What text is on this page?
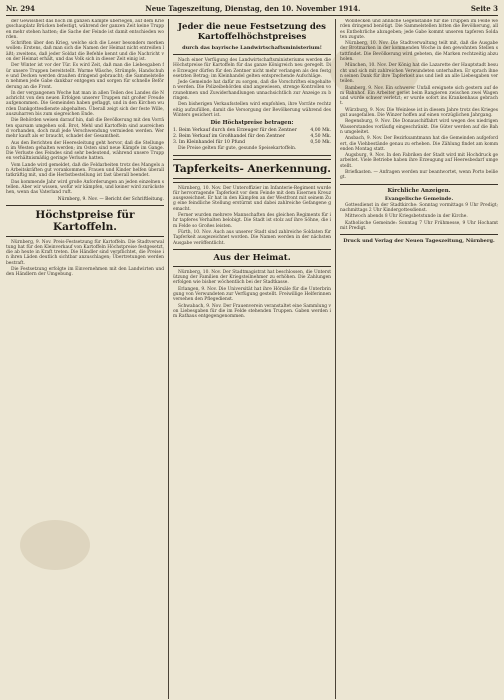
Nr. 294	Neue Tageszeitung, Dienstag, den 10. November 1914.	Seite 3

der Gewissheit das hoch im ganzen Kampfe überlegen, auf dem Kriegsschauplatz Brücken befestigt, während der ganzen Zeit keine Truppen mehr stehen hatten; die Sache der Feinde ist damit entschieden worden.

Schriften über den Krieg, welche sich die Leser besonders merken wollen: Erstens, daß man sich die Namen der Heimat nicht entreißen läßt; zweitens, daß jeder Soldat die Befehle kennt und die Nachricht von der Heimat erhält, und das Volk sich in dieser Zeit einig ist.

Der Winter ist vor der Tür. Es wird Zeit, daß man die Liebesgaben für unsere Truppen bereitstellt. Warme Wäsche, Strümpfe, Handschuhe und Decken werden draußen dringend gebraucht; die Sammelstellen nehmen jede Gabe dankbar entgegen und sorgen für schnelle Beförderung an die Front.

In der vergangenen Woche hat man in allen Teilen des Landes die Nachricht von den neuen Erfolgen unserer Truppen mit großer Freude aufgenommen. Die Gemeinden haben geflaggt, und in den Kirchen wurden Dankgottesdienste abgehalten. Überall zeigt sich der feste Wille, auszuharren bis zum siegreichen Ende.

Die Behörden weisen darauf hin, daß die Bevölkerung mit den Vorräten sparsam umgehen soll. Brot, Mehl und Kartoffeln sind ausreichend vorhanden, doch muß jede Verschwendung vermieden werden. Wer mehr kauft als er braucht, schadet der Gesamtheit.

Aus den Berichten der Heeresleitung geht hervor, daß die Stellungen im Westen gehalten werden; im Osten sind neue Kämpfe im Gange. Die Verluste des Feindes sind sehr bedeutend, während unsere Truppen verhältnismäßig geringe Verluste hatten.

Vom Lande wird gemeldet, daß die Feldarbeiten trotz des Mangels an Arbeitskräften gut vorankommen. Frauen und Kinder helfen überall tatkräftig mit, und die Herbstbestellung ist fast überall beendet.

Das kommende Jahr wird große Anforderungen an jeden einzelnen stellen. Aber wir wissen, wofür wir kämpfen, und keiner wird zurückstehen, wenn das Vaterland ruft.

Nürnberg, 9. Nov. — Bericht der Schriftleitung.
Höchstpreise für Kartoffeln.

Nürnberg, 9. Nov. Preis-Festsetzung für Kartoffeln. Die Stadtverwaltung hat für den Kleinverkauf von Kartoffeln Höchstpreise festgesetzt, die ab heute in Kraft treten. Die Händler sind verpflichtet, die Preise in ihren Läden deutlich sichtbar anzuschlagen; Übertretungen werden bestraft.

Die Festsetzung erfolgte im Einvernehmen mit den Landwirten und den Händlern der Umgebung.

Jeder die neue Festsetzung des Kartoffelhöchstpreises
durch das bayrische Landwirtschaftsministerium!

Nach einer Verfügung des Landwirtschaftsministeriums werden die Höchstpreise für Kartoffeln für das ganze Königreich neu geregelt. Die Erzeuger dürfen für den Zentner nicht mehr verlangen als den festgesetzten Betrag; im Kleinhandel gelten entsprechende Aufschläge.

Jede Gemeinde hat dafür zu sorgen, daß die Vorschriften eingehalten werden. Die Polizeibehörden sind angewiesen, strenge Kontrollen vorzunehmen und Zuwiderhandlungen unnachsichtlich zur Anzeige zu bringen.

Den bisherigen Verkaufsstellen wird empfohlen, ihre Vorräte rechtzeitig aufzufüllen, damit die Versorgung der Bevölkerung während des Winters gesichert ist.

Die Höchstpreise betragen:
1. Beim Verkauf durch den Erzeuger für den Zentner	4,00 Mk.
2. Beim Verkauf im Großhandel für den Zentner	4,50 Mk.
3. Im Kleinhandel für 10 Pfund	0,50 Mk.

Die Preise gelten für gute, gesunde Speisekartoffeln.

Tapferkeits- Anerkennung.

Nürnberg, 10. Nov. Der Unteroffizier im Infanterie-Regiment wurde für hervorragende Tapferkeit vor dem Feinde mit dem Eisernen Kreuz ausgezeichnet. Er hat in den Kämpfen an der Westfront mit seinem Zug eine feindliche Stellung erstürmt und dabei zahlreiche Gefangene gemacht.

Ferner wurden mehrere Mannschaften des gleichen Regiments für ihr tapferes Verhalten belobigt. Die Stadt ist stolz auf ihre Söhne, die im Felde so Großes leisten.

Fürth, 10. Nov. Auch aus unserer Stadt sind zahlreiche Soldaten für Tapferkeit ausgezeichnet worden. Die Namen werden in der nächsten Ausgabe veröffentlicht.

Aus der Heimat.

Nürnberg, 10. Nov. Der Stadtmagistrat hat beschlossen, die Unterstützung der Familien der Kriegsteilnehmer zu erhöhen. Die Zahlungen erfolgen wie bisher wöchentlich bei der Stadtkasse.

Erlangen, 9. Nov. Die Universität hat ihre Hörsäle für die Unterbringung von Verwundeten zur Verfügung gestellt. Freiwillige Helferinnen versehen den Pflegedienst.

Schwabach, 9. Nov. Der Frauenverein veranstaltet eine Sammlung von Liebesgaben für die im Felde stehenden Truppen. Gaben werden im Rathaus entgegengenommen.

Wolldecken und ähnliche Gegenstände für die Truppen im Felde werden dringend benötigt. Die Sammelstellen bitten die Bevölkerung, alles Entbehrliche abzugeben; jede Gabe kommt unseren tapferen Soldaten zugute.

Nürnberg, 10. Nov. Die Stadtverwaltung teilt mit, daß die Ausgabe der Brotmarken in der kommenden Woche in den gewohnten Stellen stattfindet. Die Bevölkerung wird gebeten, die Marken rechtzeitig abzuholen.

München, 10. Nov. Der König hat die Lazarette der Hauptstadt besucht und sich mit zahlreichen Verwundeten unterhalten. Er sprach ihnen seinen Dank für ihre Tapferkeit aus und ließ an alle Liebesgaben verteilen.

Bamberg, 9. Nov. Ein schwerer Unfall ereignete sich gestern auf dem Bahnhof. Ein Arbeiter geriet beim Rangieren zwischen zwei Wagen und wurde schwer verletzt; er wurde sofort ins Krankenhaus gebracht.

Würzburg, 9. Nov. Die Weinlese ist in diesem Jahre trotz des Krieges gut ausgefallen. Die Winzer hoffen auf einen vorzüglichen Jahrgang.

Regensburg, 9. Nov. Die Donauschiffahrt wird wegen des niedrigen Wasserstandes vorläufig eingeschränkt. Die Güter werden auf die Bahn umgeleitet.

Ansbach, 9. Nov. Der Bezirksamtmann hat die Gemeinden aufgefordert, die Viehbestände genau zu erheben. Die Zählung findet am kommenden Montag statt.

Augsburg, 9. Nov. In den Fabriken der Stadt wird mit Hochdruck gearbeitet. Viele Betriebe haben ihre Erzeugung auf Heeresbedarf umgestellt.

Briefkasten. — Anfragen werden nur beantwortet, wenn Porto beiliegt.

Kirchliche Anzeigen.
Evangelische Gemeinde.

Gottesdienst in der Stadtkirche: Sonntag vormittags 9 Uhr Predigt; nachmittags 2 Uhr Kindergottesdienst.

Mittwoch abends 8 Uhr Kriegsbetstunde in der Kirche.

Katholische Gemeinde: Sonntag 7 Uhr Frühmesse, 9 Uhr Hochamt mit Predigt.

Druck und Verlag der Neuen Tageszeitung, Nürnberg.
